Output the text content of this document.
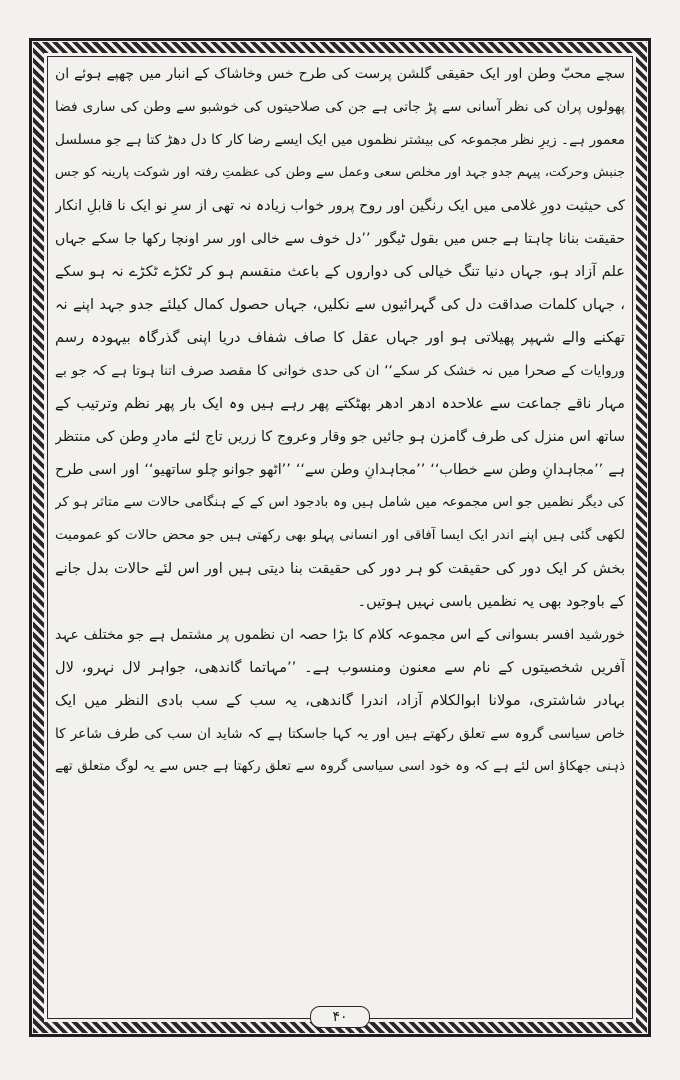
سچے محبّ وطن اور ایک حقیقی گلشن پرست کی طرح خس وخاشاک کے انبار میں چھپے ہوئے ان
پھولوں پران کی نظر آسانی سے پڑ جاتی ہے جن کی صلاحیتوں کی خوشبو سے وطن کی ساری فضا
معمور ہے۔ زیرِ نظر مجموعہ کی بیشتر نظموں میں ایک ایسے رضا کار کا دل دھڑ کتا ہے جو مسلسل
جنبش وحرکت، پیہم جدو جہد اور مخلص سعی وعمل سے وطن کی عظمتِ رفتہ اور شوکت پارینہ کو جس
کی حیثیت دورِ غلامی میں ایک رنگین اور روح پرور خواب زیادہ نہ تھی از سرِ نو ایک نا قابلِ انکار
حقیقت بنانا چاہتا ہے جس میں بقول ٹیگور ’’دل خوف سے خالی اور سر اونچا رکھا جا سکے جہاں
علم آزاد ہو، جہاں دنیا تنگ خیالی کی دواروں کے باعث منقسم ہو کر ٹکڑے ٹکڑے نہ ہو سکے
، جہاں کلمات صداقت دل کی گہرائیوں سے نکلیں، جہاں حصول کمال کیلئے جدو جہد اپنے نہ
تھکنے والے شہپر پھیلاتی ہو اور جہاں عقل کا صاف شفاف دریا اپنی گذرگاہ بیہودہ رسم
وروایات کے صحرا میں نہ خشک کر سکے‘‘ ان کی حدی خوانی کا مقصد صرف اتنا ہوتا ہے کہ جو بے
مہار ناقے جماعت سے علاحدہ ادھر ادھر بھٹکتے پھر رہے ہیں وہ ایک بار پھر نظم وترتیب کے
ساتھ اس منزل کی طرف گامزن ہو جائیں جو وقار وعروج کا زریں تاج لئے مادرِ وطن کی منتظر
ہے ’’مجاہدانِ وطن سے خطاب‘‘ ’’مجاہدانِ وطن سے‘‘ ’’اٹھو جوانو چلو ساتھیو‘‘ اور اسی طرح
کی دیگر نظمیں جو اس مجموعہ میں شامل ہیں وہ بادجود اس کے کے ہنگامی حالات سے متاثر ہو کر
لکھی گئی ہیں اپنے اندر ایک ایسا آفاقی اور انسانی پہلو بھی رکھتی ہیں جو محض حالات کو عمومیت
بخش کر ایک دور کی حقیقت کو ہر دور کی حقیقت بنا دیتی ہیں اور اس لئے حالات بدل جانے
کے باوجود بھی یہ نظمیں باسی نہیں ہوتیں۔
خورشید افسر بسوانی کے اس مجموعہ کلام کا بڑا حصہ ان نظموں پر مشتمل ہے جو مختلف عہد
آفریں شخصیتوں کے نام سے معنون ومنسوب ہے۔ ’’مہاتما گاندھی، جواہر لال نہرو، لال
بہادر شاشتری، مولانا ابوالکلام آزاد، اندرا گاندھی، یہ سب کے سب بادی النظر میں ایک
خاص سیاسی گروہ سے تعلق رکھتے ہیں اور یہ کہا جاسکتا ہے کہ شاید ان سب کی طرف شاعر کا
ذہنی جھکاؤ اس لئے ہے کہ وہ خود اسی سیاسی گروہ سے تعلق رکھتا ہے جس سے یہ لوگ متعلق تھے
۴۰
